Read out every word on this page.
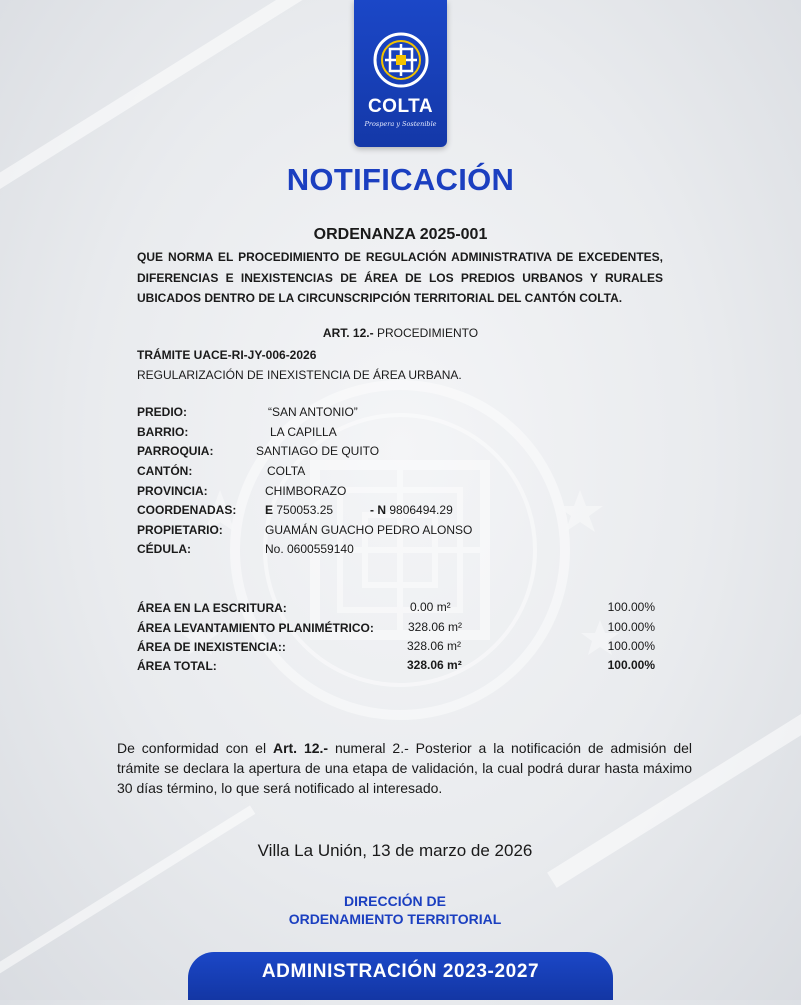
COLTA
Prospera y Sostenible
NOTIFICACIÓN
ORDENANZA 2025-001
QUE NORMA EL PROCEDIMIENTO DE REGULACIÓN ADMINISTRATIVA DE EXCEDENTES, DIFERENCIAS E INEXISTENCIAS DE ÁREA DE LOS PREDIOS URBANOS Y RURALES UBICADOS DENTRO DE LA CIRCUNSCRIPCIÓN TERRITORIAL DEL CANTÓN COLTA.
ART. 12.- PROCEDIMIENTO
TRÁMITE UACE-RI-JY-006-2026
REGULARIZACIÓN DE INEXISTENCIA DE ÁREA URBANA.
PREDIO:	“SAN ANTONIO”
BARRIO:	LA CAPILLA
PARROQUIA:	SANTIAGO DE QUITO
CANTÓN:	COLTA
PROVINCIA:	CHIMBORAZO
COORDENADAS: E 750053.25	- N 9806494.29
PROPIETARIO:	GUAMÁN GUACHO PEDRO ALONSO
CÉDULA:	No. 0600559140
ÁREA EN LA ESCRITURA:	0.00 m²	100.00%
ÁREA LEVANTAMIENTO PLANIMÉTRICO:	328.06 m²	100.00%
ÁREA DE INEXISTENCIA::	328.06 m²	100.00%
ÁREA TOTAL:	328.06 m²	100.00%
De conformidad con el Art. 12.- numeral 2.- Posterior a la notificación de admisión del trámite se declara la apertura de una etapa de validación, la cual podrá durar hasta máximo 30 días término, lo que será notificado al interesado.
Villa La Unión, 13 de marzo de 2026
DIRECCIÓN DE
ORDENAMIENTO TERRITORIAL
ADMINISTRACIÓN 2023-2027
